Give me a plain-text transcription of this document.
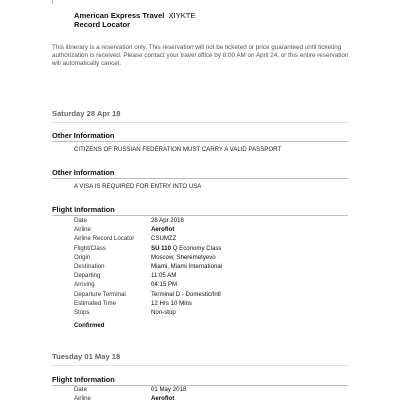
American Express Travel XIYKTE
Record Locator
This itinerary is a reservation only. This reservation will not be ticketed or price guaranteed until ticketing authorization is received. Please contact your travel office by 8:00 AM on April 24, or this entire reservation will automatically cancel.
Saturday 28 Apr 18
Other Information
CITIZENS OF RUSSIAN FEDERATION MUST CARRY A VALID PASSPORT
Other Information
A VISA IS REQUIRED FOR ENTRY INTO USA
Flight Information
Date	28 Apr 2018
Airline	Aeroflot
Airline Record Locator	CSUMZZ
Flight/Class	SU 110 Q Economy Class
Origin	Moscow, Sheremetyevo
Destination	Miami, Miami International
Departing	11:05 AM
Arriving	04:15 PM
Departure Terminal	Terminal D - Domestic/Intl
Estimated Time	12 Hrs 10 Mins
Stops	Non-stop
Confirmed
Tuesday 01 May 18
Flight Information
Date	01 May 2018
Airline	Aeroflot
